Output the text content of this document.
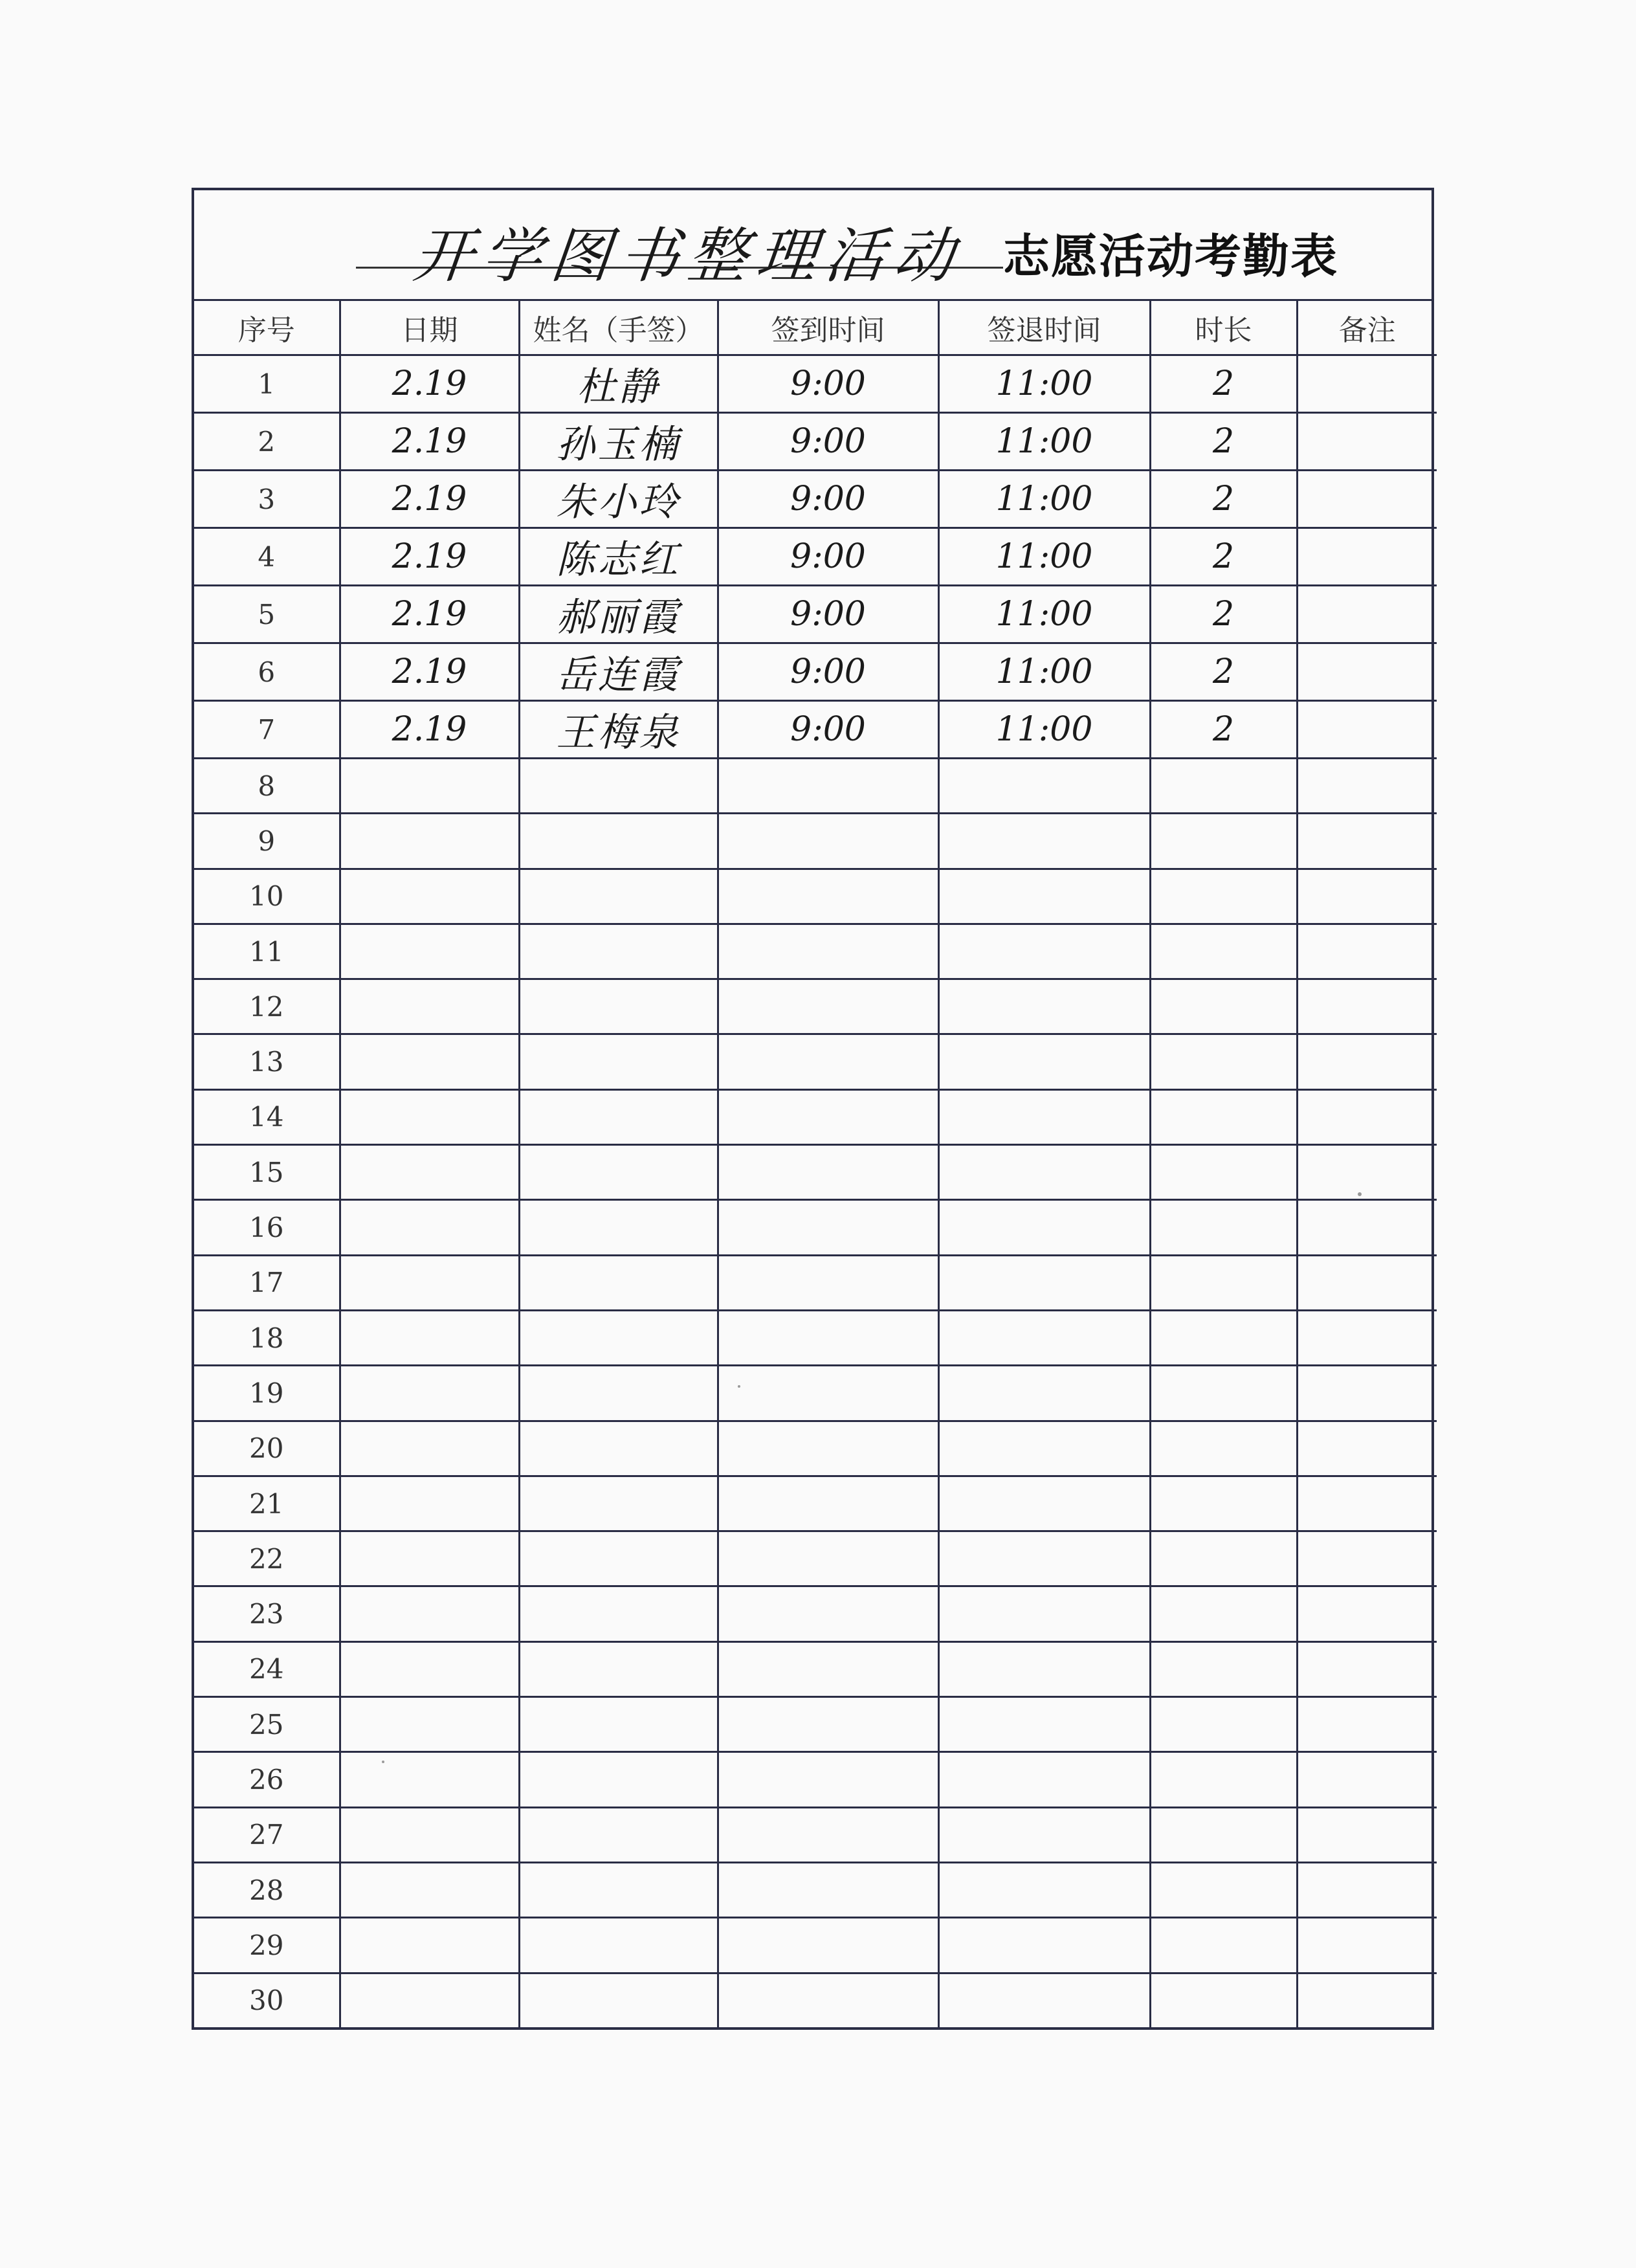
开学图书整理活动 志愿活动考勤表
序号	日期	姓名（手签）	签到时间	签退时间	时长	备注
1	2.19	杜静	9:00	11:00	2	
2	2.19	孙玉楠	9:00	11:00	2	
3	2.19	朱小玲	9:00	11:00	2	
4	2.19	陈志红	9:00	11:00	2	
5	2.19	郝丽霞	9:00	11:00	2	
6	2.19	岳连霞	9:00	11:00	2	
7	2.19	王梅泉	9:00	11:00	2	
8						
9						
10						
11						
12						
13						
14						
15						
16						
17						
18						
19						
20						
21						
22						
23						
24						
25						
26						
27						
28						
29						
30						
